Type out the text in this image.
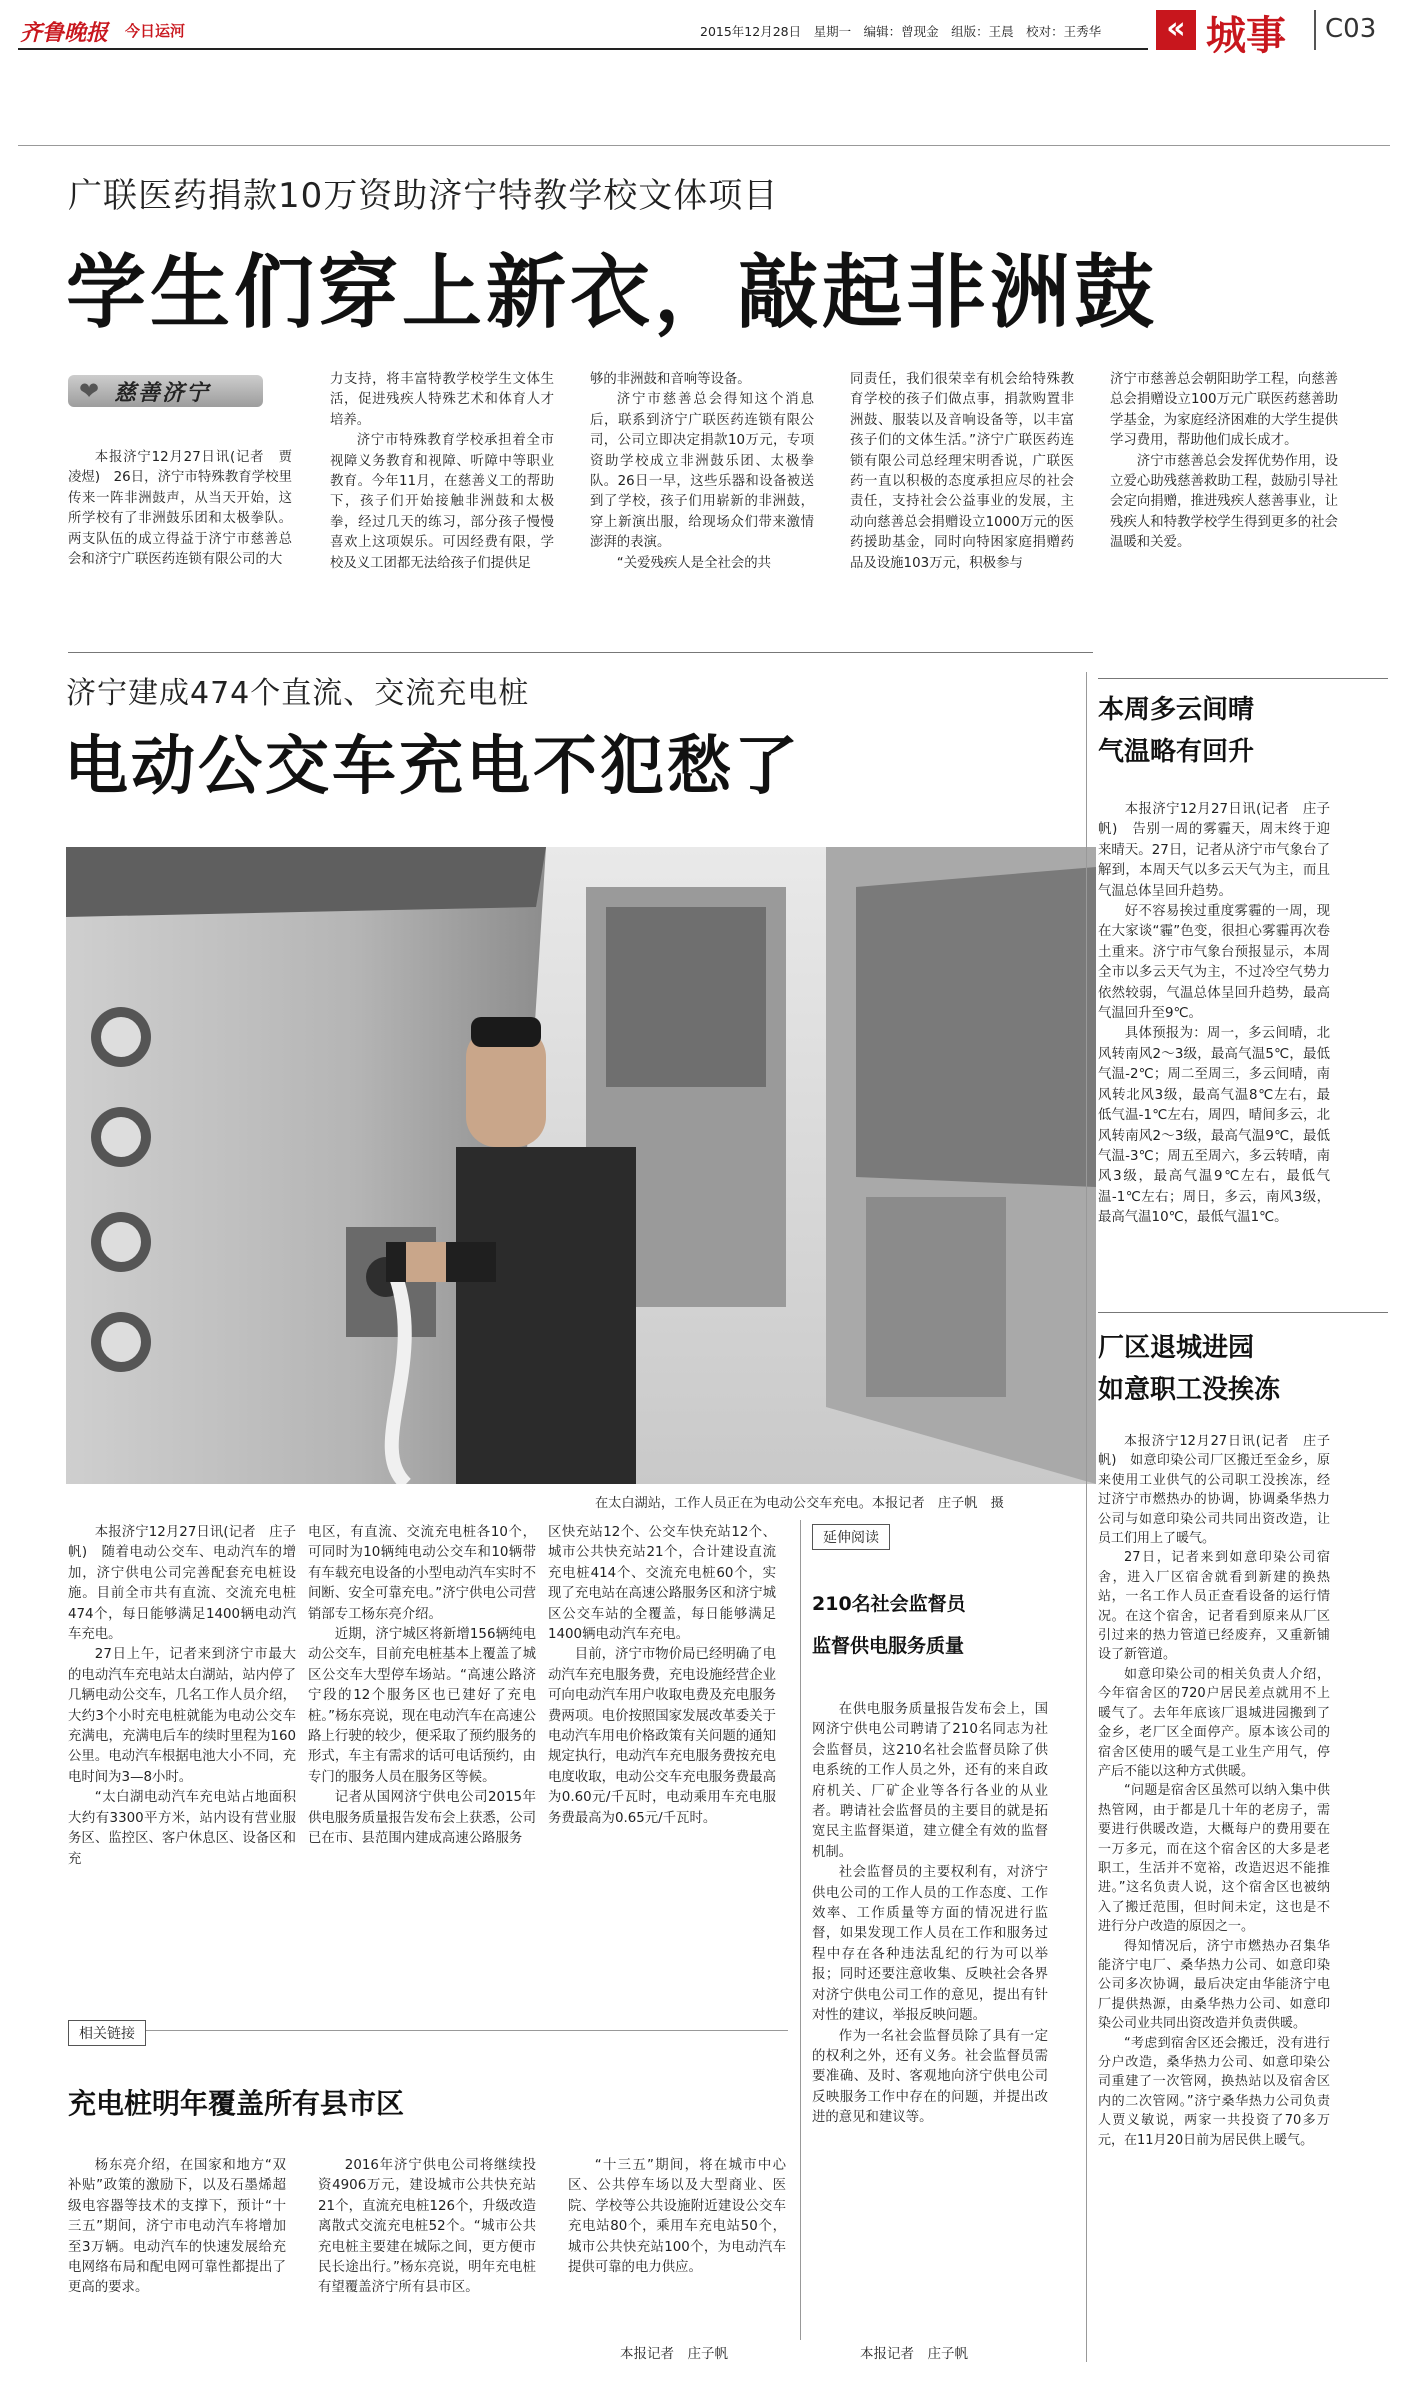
齐鲁晚报 今日运河	2015年12月28日　星期一　编辑：曾现金　组版：王晨　校对：王秀华	« 城事 C03
广联医药捐款10万资助济宁特教学校文体项目
学生们穿上新衣，敲起非洲鼓
❤ 慈善济宁

本报济宁12月27日讯(记者　贾凌煜)　26日，济宁市特殊教育学校里传来一阵非洲鼓声，从当天开始，这所学校有了非洲鼓乐团和太极拳队。两支队伍的成立得益于济宁市慈善总会和济宁广联医药连锁有限公司的大

力支持，将丰富特教学校学生文体生活，促进残疾人特殊艺术和体育人才培养。

济宁市特殊教育学校承担着全市视障义务教育和视障、听障中等职业教育。今年11月，在慈善义工的帮助下，孩子们开始接触非洲鼓和太极拳，经过几天的练习，部分孩子慢慢喜欢上这项娱乐。可因经费有限，学校及义工团都无法给孩子们提供足

够的非洲鼓和音响等设备。

济宁市慈善总会得知这个消息后，联系到济宁广联医药连锁有限公司，公司立即决定捐款10万元，专项资助学校成立非洲鼓乐团、太极拳队。26日一早，这些乐器和设备被送到了学校，孩子们用崭新的非洲鼓，穿上新演出服，给现场众们带来激情澎湃的表演。

“关爱残疾人是全社会的共

同责任，我们很荣幸有机会给特殊教育学校的孩子们做点事，捐款购置非洲鼓、服装以及音响设备等，以丰富孩子们的文体生活。”济宁广联医药连锁有限公司总经理宋明香说，广联医药一直以积极的态度承担应尽的社会责任，支持社会公益事业的发展，主动向慈善总会捐赠设立1000万元的医药援助基金，同时向特困家庭捐赠药品及设施103万元，积极参与

济宁市慈善总会朝阳助学工程，向慈善总会捐赠设立100万元广联医药慈善助学基金，为家庭经济困难的大学生提供学习费用，帮助他们成长成才。

济宁市慈善总会发挥优势作用，设立爱心助残慈善救助工程，鼓励引导社会定向捐赠，推进残疾人慈善事业，让残疾人和特教学校学生得到更多的社会温暖和关爱。

济宁建成474个直流、交流充电桩
电动公交车充电不犯愁了
在太白湖站，工作人员正在为电动公交车充电。本报记者　庄子帆　摄

本报济宁12月27日讯(记者　庄子帆)　随着电动公交车、电动汽车的增加，济宁供电公司完善配套充电桩设施。目前全市共有直流、交流充电桩474个，每日能够满足1400辆电动汽车充电。

27日上午，记者来到济宁市最大的电动汽车充电站太白湖站，站内停了几辆电动公交车，几名工作人员介绍，大约3个小时充电桩就能为电动公交车充满电，充满电后车的续时里程为160公里。电动汽车根据电池大小不同，充电时间为3—8小时。

“太白湖电动汽车充电站占地面积大约有3300平方米，站内设有营业服务区、监控区、客户休息区、设备区和充

电区，有直流、交流充电桩各10个，可同时为10辆纯电动公交车和10辆带有车载充电设备的小型电动汽车实时不间断、安全可靠充电。”济宁供电公司营销部专工杨东亮介绍。

近期，济宁城区将新增156辆纯电动公交车，目前充电桩基本上覆盖了城区公交车大型停车场站。“高速公路济宁段的12个服务区也已建好了充电桩。”杨东亮说，现在电动汽车在高速公路上行驶的较少，便采取了预约服务的形式，车主有需求的话可电话预约，由专门的服务人员在服务区等候。

记者从国网济宁供电公司2015年供电服务质量报告发布会上获悉，公司已在市、县范围内建成高速公路服务

区快充站12个、公交车快充站12个、城市公共快充站21个，合计建设直流充电桩414个、交流充电桩60个，实现了充电站在高速公路服务区和济宁城区公交车站的全覆盖，每日能够满足1400辆电动汽车充电。

目前，济宁市物价局已经明确了电动汽车充电服务费，充电设施经营企业可向电动汽车用户收取电费及充电服务费两项。电价按照国家发展改革委关于电动汽车用电价格政策有关问题的通知规定执行，电动汽车充电服务费按充电电度收取，电动公交车充电服务费最高为0.60元/千瓦时，电动乘用车充电服务费最高为0.65元/千瓦时。

延伸阅读
210名社会监督员
监督供电服务质量

在供电服务质量报告发布会上，国网济宁供电公司聘请了210名同志为社会监督员，这210名社会监督员除了供电系统的工作人员之外，还有的来自政府机关、厂矿企业等各行各业的从业者。聘请社会监督员的主要目的就是拓宽民主监督渠道，建立健全有效的监督机制。

社会监督员的主要权利有，对济宁供电公司的工作人员的工作态度、工作效率、工作质量等方面的情况进行监督，如果发现工作人员在工作和服务过程中存在各种违法乱纪的行为可以举报；同时还要注意收集、反映社会各界对济宁供电公司工作的意见，提出有针对性的建议，举报反映问题。

作为一名社会监督员除了具有一定的权利之外，还有义务。社会监督员需要准确、及时、客观地向济宁供电公司反映服务工作中存在的问题，并提出改进的意见和建议等。

本报记者　庄子帆
相关链接
充电桩明年覆盖所有县市区

杨东亮介绍，在国家和地方“双补贴”政策的激励下，以及石墨烯超级电容器等技术的支撑下，预计“十三五”期间，济宁市电动汽车将增加至3万辆。电动汽车的快速发展给充电网络布局和配电网可靠性都提出了更高的要求。

2016年济宁供电公司将继续投资4906万元，建设城市公共快充站21个，直流充电桩126个，升级改造离散式交流充电桩52个。“城市公共充电桩主要建在城际之间，更方便市民长途出行。”杨东亮说，明年充电桩有望覆盖济宁所有县市区。

“十三五”期间，将在城市中心区、公共停车场以及大型商业、医院、学校等公共设施附近建设公交车充电站80个，乘用车充电站50个，城市公共快充站100个，为电动汽车提供可靠的电力供应。

本报记者　庄子帆
本周多云间晴
气温略有回升

本报济宁12月27日讯(记者　庄子帆)　告别一周的雾霾天，周末终于迎来晴天。27日，记者从济宁市气象台了解到，本周天气以多云天气为主，而且气温总体呈回升趋势。

好不容易挨过重度雾霾的一周，现在大家谈“霾”色变，很担心雾霾再次卷土重来。济宁市气象台预报显示，本周全市以多云天气为主，不过冷空气势力依然较弱，气温总体呈回升趋势，最高气温回升至9℃。

具体预报为：周一，多云间晴，北风转南风2～3级，最高气温5℃，最低气温-2℃；周二至周三，多云间晴，南风转北风3级，最高气温8℃左右，最低气温-1℃左右，周四，晴间多云，北风转南风2～3级，最高气温9℃，最低气温-3℃；周五至周六，多云转晴，南风3级，最高气温9℃左右，最低气温-1℃左右；周日，多云，南风3级，最高气温10℃，最低气温1℃。

厂区退城进园
如意职工没挨冻

本报济宁12月27日讯(记者　庄子帆)　如意印染公司厂区搬迁至金乡，原来使用工业供气的公司职工没挨冻，经过济宁市燃热办的协调，协调桑华热力公司与如意印染公司共同出资改造，让员工们用上了暖气。

27日，记者来到如意印染公司宿舍，进入厂区宿舍就看到新建的换热站，一名工作人员正查看设备的运行情况。在这个宿舍，记者看到原来从厂区引过来的热力管道已经废弃，又重新铺设了新管道。

如意印染公司的相关负责人介绍，今年宿舍区的720户居民差点就用不上暖气了。去年年底该厂退城进园搬到了金乡，老厂区全面停产。原本该公司的宿舍区使用的暖气是工业生产用气，停产后不能以这种方式供暖。

“问题是宿舍区虽然可以纳入集中供热管网，由于都是几十年的老房子，需要进行供暖改造，大概每户的费用要在一万多元，而在这个宿舍区的大多是老职工，生活并不宽裕，改造迟迟不能推进。”这名负责人说，这个宿舍区也被纳入了搬迁范围，但时间未定，这也是不进行分户改造的原因之一。

得知情况后，济宁市燃热办召集华能济宁电厂、桑华热力公司、如意印染公司多次协调，最后决定由华能济宁电厂提供热源，由桑华热力公司、如意印染公司业共同出资改造并负责供暖。

“考虑到宿舍区还会搬迁，没有进行分户改造，桑华热力公司、如意印染公司重建了一次管网，换热站以及宿舍区内的二次管网。”济宁桑华热力公司负责人贾义敏说，两家一共投资了70多万元，在11月20日前为居民供上暖气。
